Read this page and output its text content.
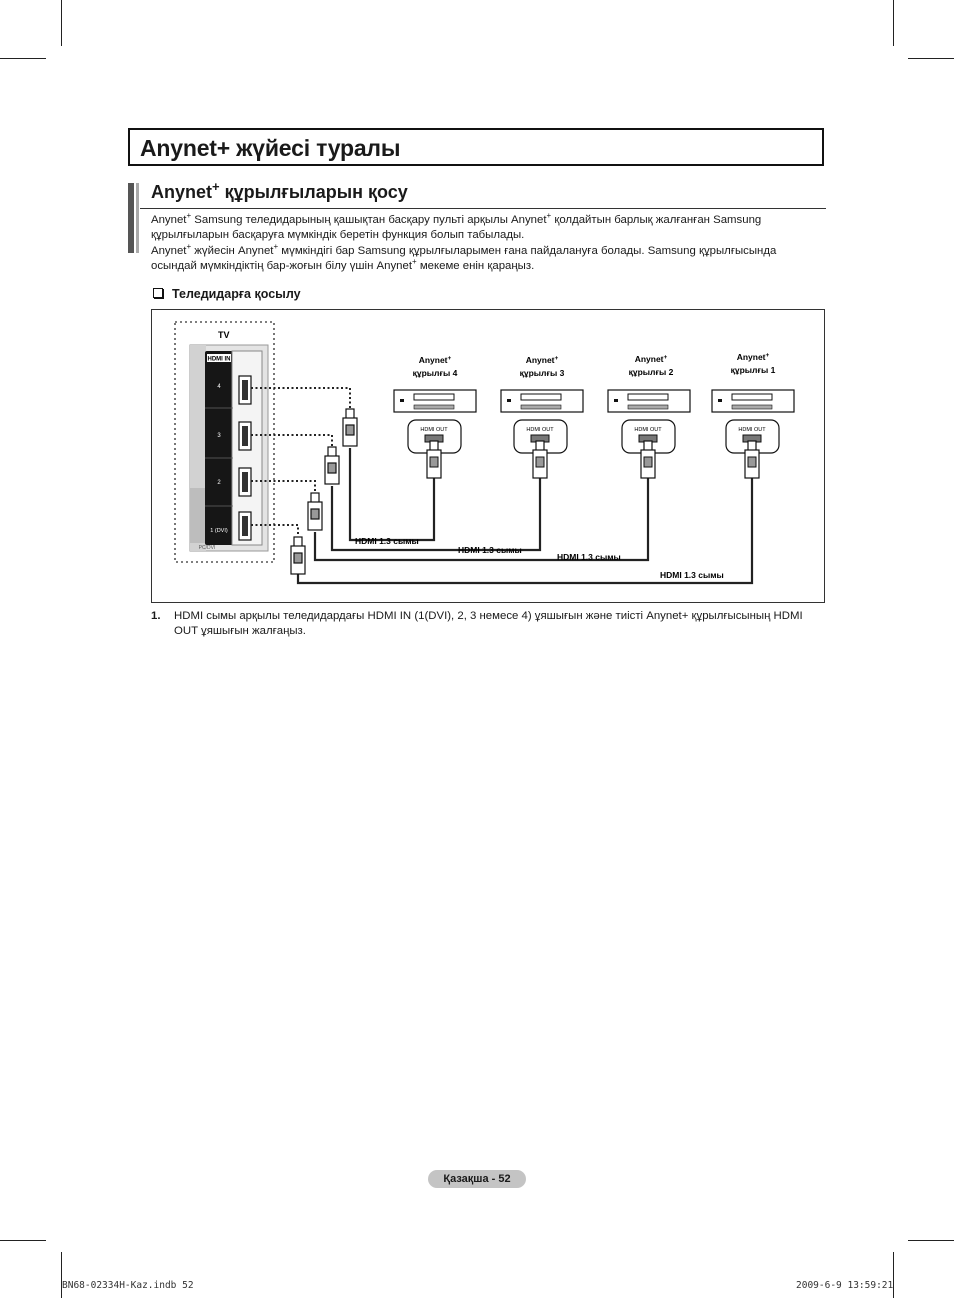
Anynet+ жүйесі туралы
Anynet+ құрылғыларын қосу
Anynet+ Samsung теледидарының қашықтан басқару пульті арқылы Anynet+ қолдайтын барлық жалғанған Samsung құрылғыларын басқаруға мүмкіндік беретін функция болып табылады.
Anynet+ жүйесін Anynet+ мүмкіндігі бар Samsung құрылғыларымен ғана пайдалануға болады. Samsung құрылғысында осындай мүмкіндіктің бар-жоғын білу үшін Anynet+ мекеме енін қараңыз.
Теледидарға қосылу
TV
HDMI IN
4
3
2
1 (DVI)
PC/DVI
Anynet+
құрылғы 4
HDMI OUT
Anynet+
құрылғы 3
HDMI OUT
Anynet+
құрылғы 2
HDMI OUT
Anynet+
құрылғы 1
HDMI OUT
HDMI 1.3 сымы
HDMI 1.3 сымы
HDMI 1.3 сымы
HDMI 1.3 сымы
1. HDMI сымы арқылы теледидардағы HDMI IN (1(DVI), 2, 3 немесе 4) ұяшығын және тиісті Anynet+ құрылғысының HDMI OUT ұяшығын жалғаңыз.
Қазақша - 52
BN68-02334H-Kaz.indb 52	2009-6-9 13:59:21
